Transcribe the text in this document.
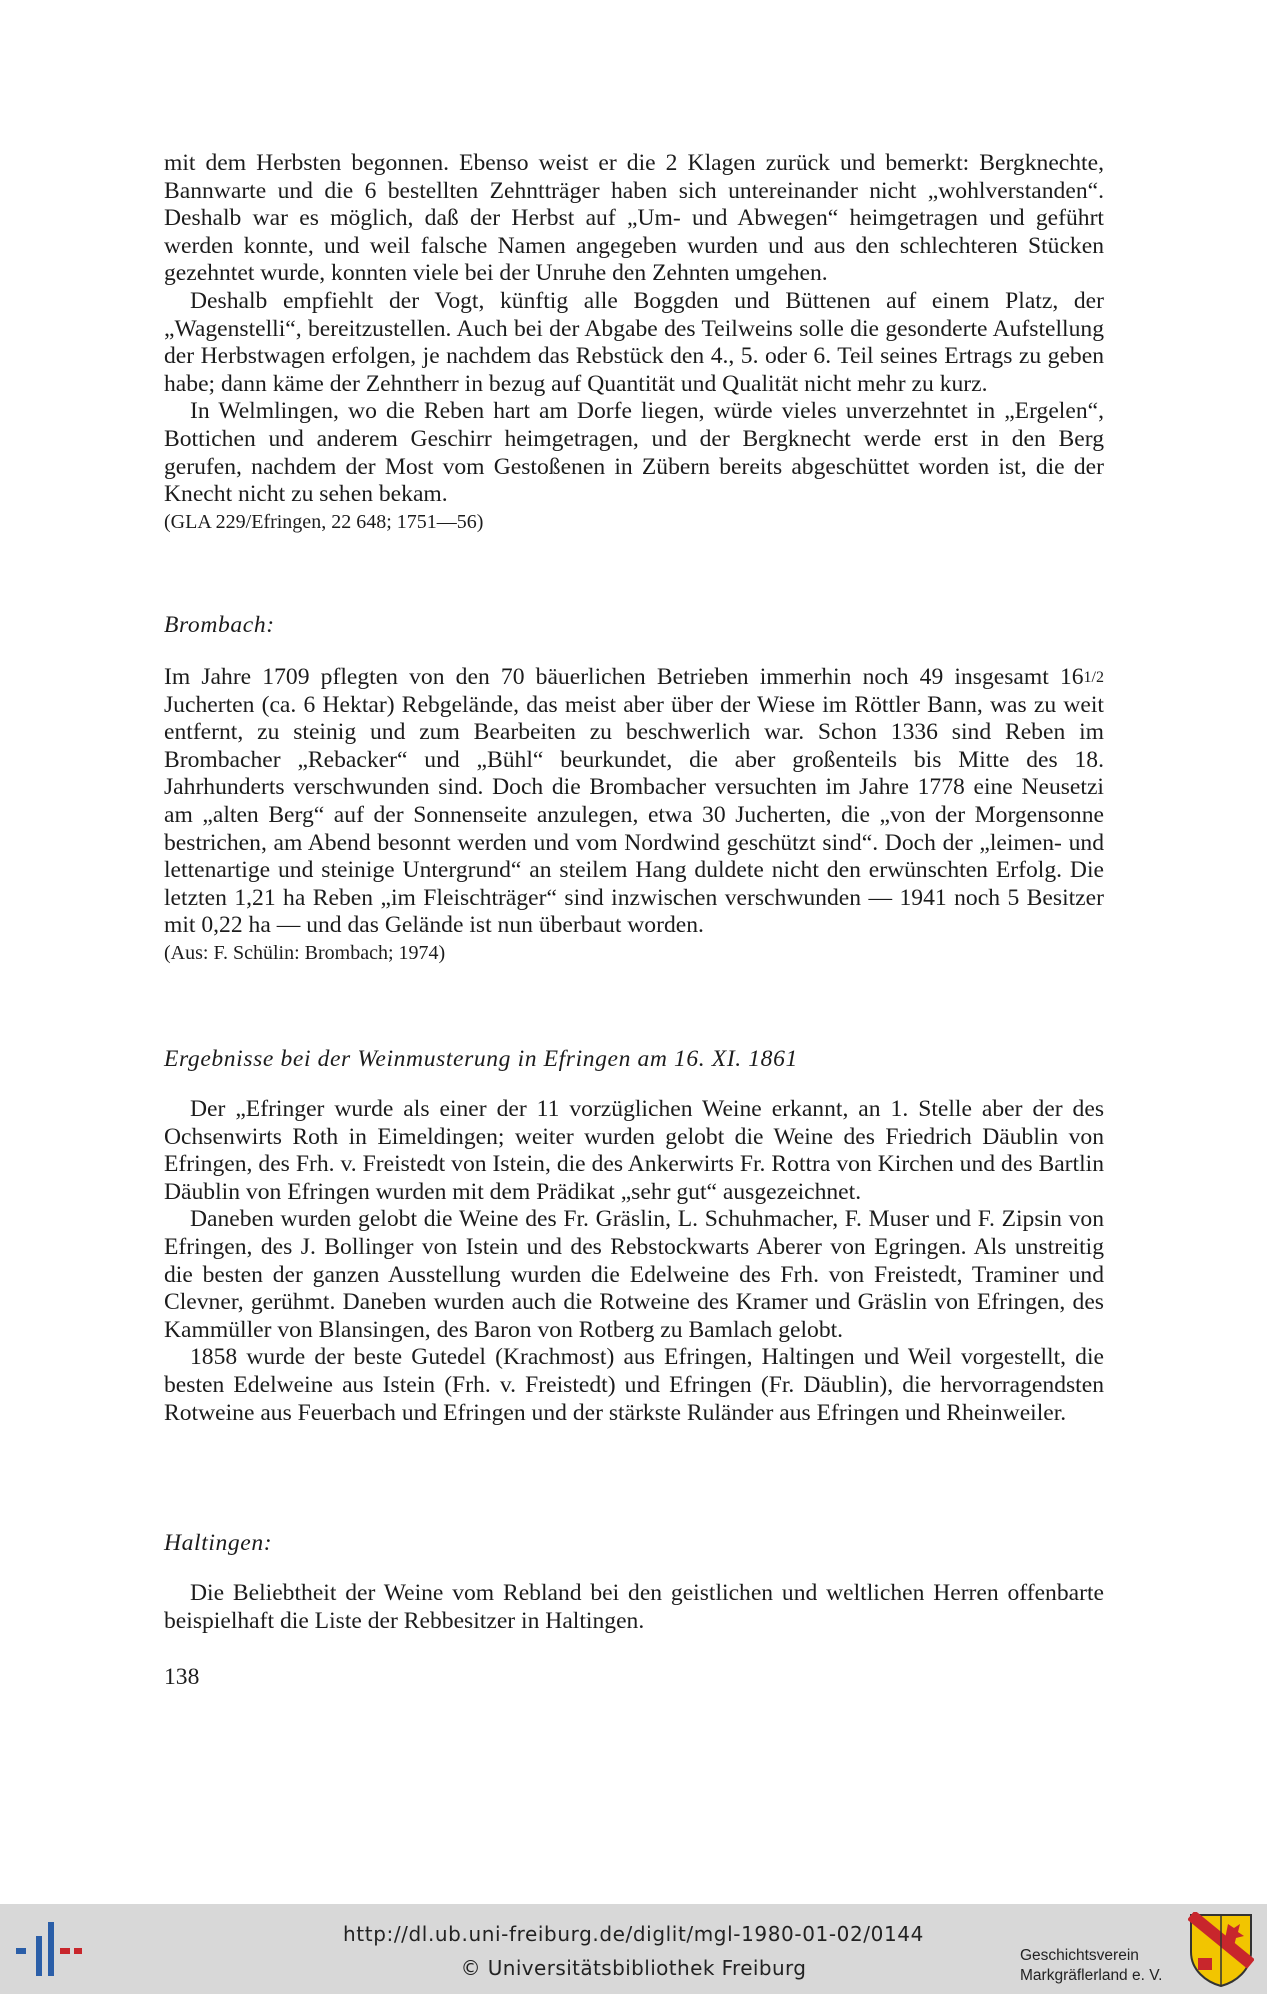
mit dem Herbsten begonnen. Ebenso weist er die 2 Klagen zurück und bemerkt: Bergknechte, Bannwarte und die 6 bestellten Zehntträger haben sich untereinander nicht „wohlverstanden“. Deshalb war es möglich, daß der Herbst auf „Um- und Abwegen“ heimgetragen und geführt werden konnte, und weil falsche Namen angegeben wurden und aus den schlechteren Stücken gezehntet wurde, konnten viele bei der Unruhe den Zehnten umgehen.

Deshalb empfiehlt der Vogt, künftig alle Boggden und Büttenen auf einem Platz, der „Wagenstelli“, bereitzustellen. Auch bei der Abgabe des Teilweins solle die gesonderte Aufstellung der Herbstwagen erfolgen, je nachdem das Rebstück den 4., 5. oder 6. Teil seines Ertrags zu geben habe; dann käme der Zehntherr in bezug auf Quantität und Qualität nicht mehr zu kurz.

In Welmlingen, wo die Reben hart am Dorfe liegen, würde vieles unverzehntet in „Ergelen“, Bottichen und anderem Geschirr heimgetragen, und der Bergknecht werde erst in den Berg gerufen, nachdem der Most vom Gestoßenen in Zübern bereits abgeschüttet worden ist, die der Knecht nicht zu sehen bekam.

(GLA 229/Efringen, 22 648; 1751—56)

Brombach:

Im Jahre 1709 pflegten von den 70 bäuerlichen Betrieben immerhin noch 49 insgesamt 161/2 Jucherten (ca. 6 Hektar) Rebgelände, das meist aber über der Wiese im Röttler Bann, was zu weit entfernt, zu steinig und zum Bearbeiten zu beschwerlich war. Schon 1336 sind Reben im Brombacher „Rebacker“ und „Bühl“ beurkundet, die aber großenteils bis Mitte des 18. Jahrhunderts verschwunden sind. Doch die Brombacher versuchten im Jahre 1778 eine Neusetzi am „alten Berg“ auf der Sonnenseite anzulegen, etwa 30 Jucherten, die „von der Morgensonne bestrichen, am Abend besonnt werden und vom Nordwind geschützt sind“. Doch der „leimen- und lettenartige und steinige Untergrund“ an steilem Hang duldete nicht den erwünschten Erfolg. Die letzten 1,21 ha Reben „im Fleischträger“ sind inzwischen verschwunden — 1941 noch 5 Besitzer mit 0,22 ha — und das Gelände ist nun überbaut worden.

(Aus: F. Schülin: Brombach; 1974)

Ergebnisse bei der Weinmusterung in Efringen am 16. XI. 1861

Der „Efringer wurde als einer der 11 vorzüglichen Weine erkannt, an 1. Stelle aber der des Ochsenwirts Roth in Eimeldingen; weiter wurden gelobt die Weine des Friedrich Däublin von Efringen, des Frh. v. Freistedt von Istein, die des Ankerwirts Fr. Rottra von Kirchen und des Bartlin Däublin von Efringen wurden mit dem Prädikat „sehr gut“ ausgezeichnet.

Daneben wurden gelobt die Weine des Fr. Gräslin, L. Schuhmacher, F. Muser und F. Zipsin von Efringen, des J. Bollinger von Istein und des Rebstockwarts Aberer von Egringen. Als unstreitig die besten der ganzen Ausstellung wurden die Edelweine des Frh. von Freistedt, Traminer und Clevner, gerühmt. Daneben wurden auch die Rotweine des Kramer und Gräslin von Efringen, des Kammüller von Blansingen, des Baron von Rotberg zu Bamlach gelobt.

1858 wurde der beste Gutedel (Krachmost) aus Efringen, Haltingen und Weil vorgestellt, die besten Edelweine aus Istein (Frh. v. Freistedt) und Efringen (Fr. Däublin), die hervorragendsten Rotweine aus Feuerbach und Efringen und der stärkste Ruländer aus Efringen und Rheinweiler.

Haltingen:

Die Beliebtheit der Weine vom Rebland bei den geistlichen und weltlichen Herren offenbarte beispielhaft die Liste der Rebbesitzer in Haltingen.

138
http://dl.ub.uni-freiburg.de/diglit/mgl-1980-01-02/0144
© Universitätsbibliothek Freiburg
Geschichtsverein
Markgräflerland e. V.
